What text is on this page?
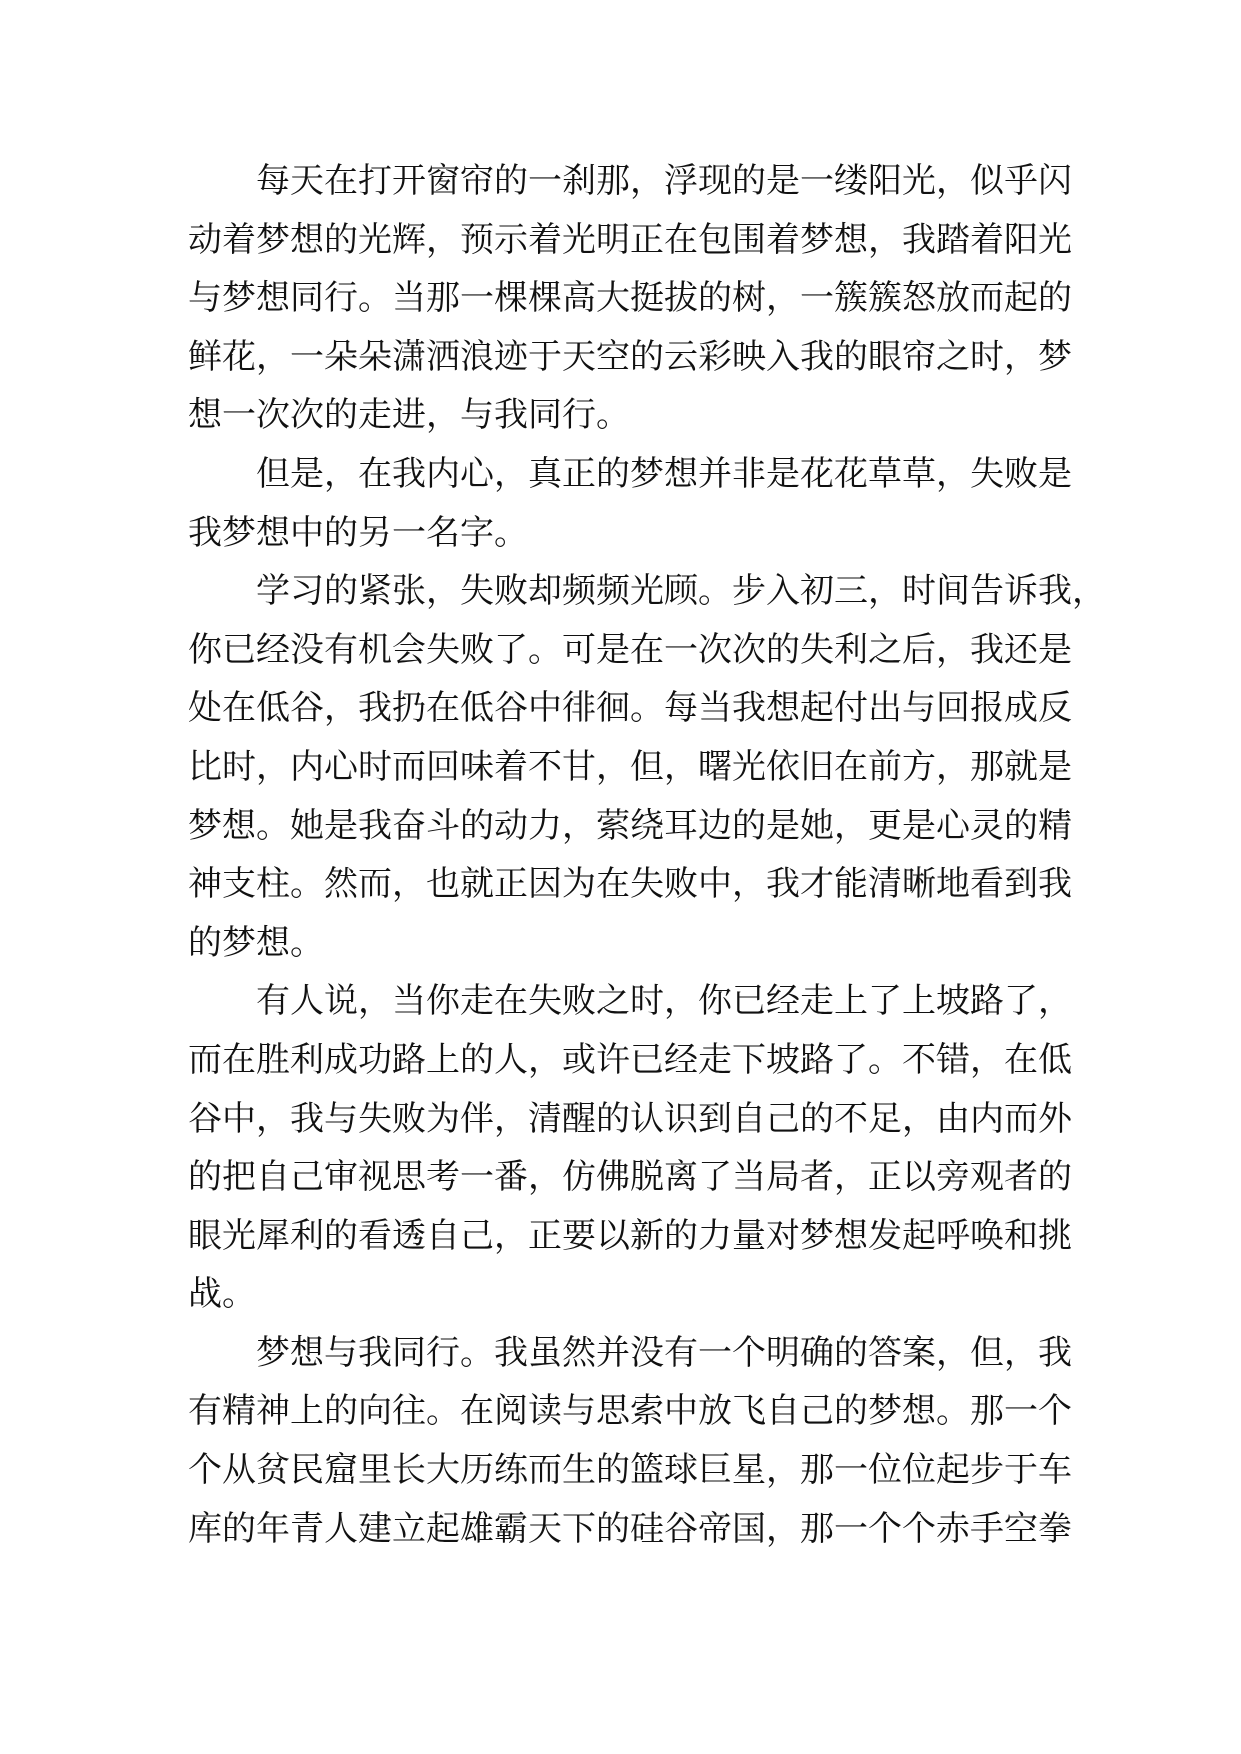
每天在打开窗帘的一刹那，浮现的是一缕阳光，似乎闪
动着梦想的光辉，预示着光明正在包围着梦想，我踏着阳光
与梦想同行。当那一棵棵高大挺拔的树，一簇簇怒放而起的
鲜花，一朵朵潇洒浪迹于天空的云彩映入我的眼帘之时，梦
想一次次的走进，与我同行。
但是，在我内心，真正的梦想并非是花花草草，失败是
我梦想中的另一名字。
学习的紧张，失败却频频光顾。步入初三，时间告诉我，
你已经没有机会失败了。可是在一次次的失利之后，我还是
处在低谷，我扔在低谷中徘徊。每当我想起付出与回报成反
比时，内心时而回味着不甘，但，曙光依旧在前方，那就是
梦想。她是我奋斗的动力，萦绕耳边的是她，更是心灵的精
神支柱。然而，也就正因为在失败中，我才能清晰地看到我
的梦想。
有人说，当你走在失败之时，你已经走上了上坡路了，
而在胜利成功路上的人，或许已经走下坡路了。不错，在低
谷中，我与失败为伴，清醒的认识到自己的不足，由内而外
的把自己审视思考一番，仿佛脱离了当局者，正以旁观者的
眼光犀利的看透自己，正要以新的力量对梦想发起呼唤和挑
战。
梦想与我同行。我虽然并没有一个明确的答案，但，我
有精神上的向往。在阅读与思索中放飞自己的梦想。那一个
个从贫民窟里长大历练而生的篮球巨星，那一位位起步于车
库的年青人建立起雄霸天下的硅谷帝国，那一个个赤手空拳
